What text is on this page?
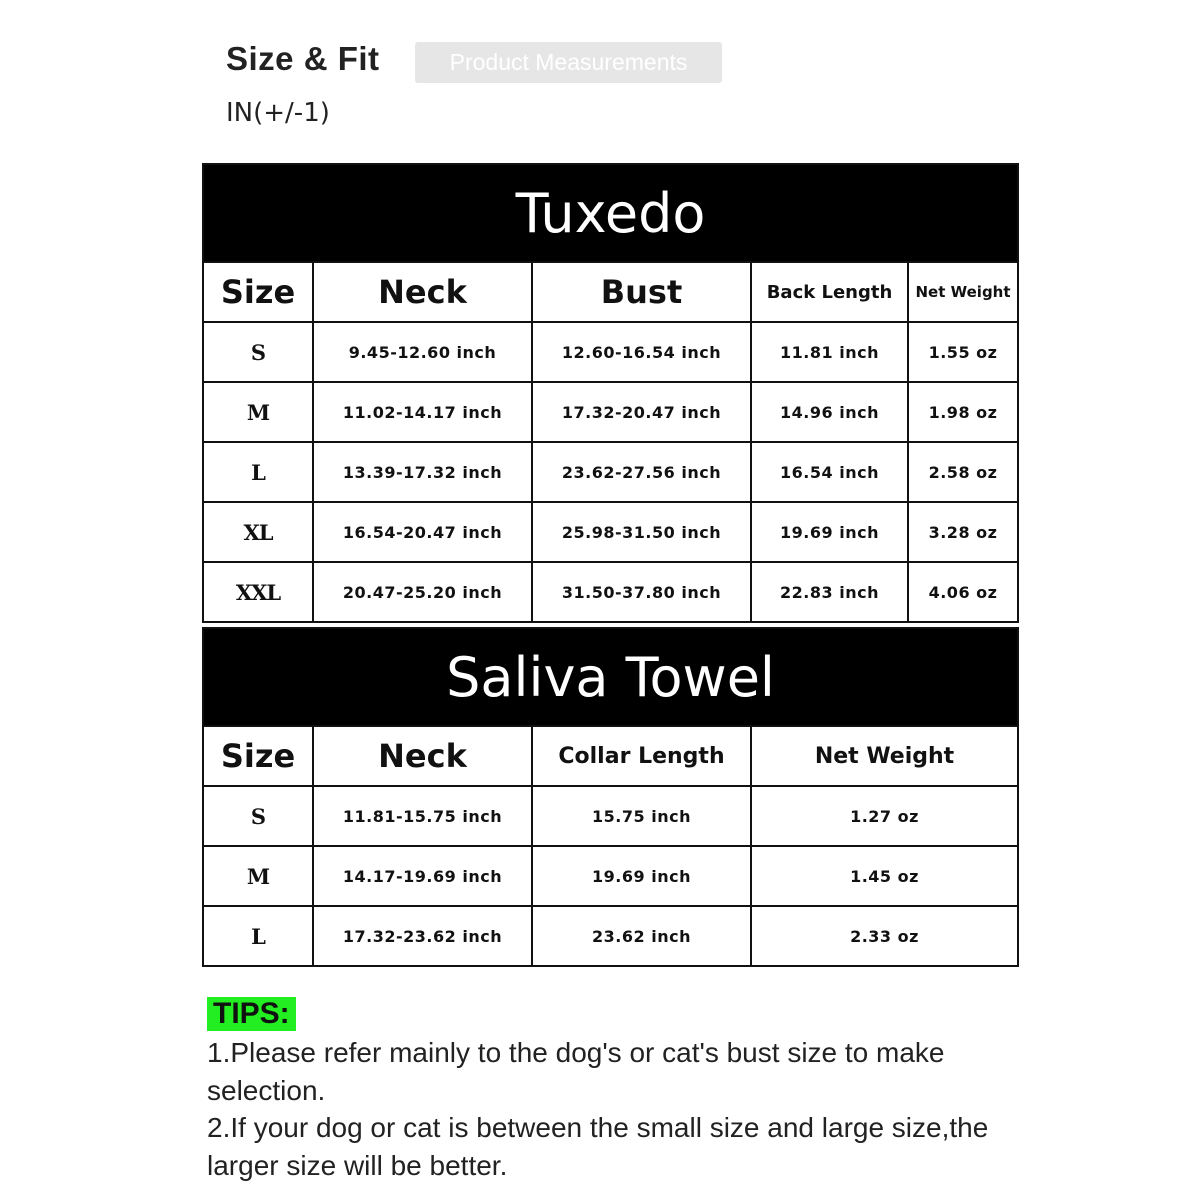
Size & Fit	Product Measurements
IN(+/-1)
Tuxedo				
Size	Neck	Bust	Back Length	Net Weight
S	9.45-12.60 inch	12.60-16.54 inch	11.81 inch	1.55 oz
M	11.02-14.17 inch	17.32-20.47 inch	14.96 inch	1.98 oz
L	13.39-17.32 inch	23.62-27.56 inch	16.54 inch	2.58 oz
XL	16.54-20.47 inch	25.98-31.50 inch	19.69 inch	3.28 oz
XXL	20.47-25.20 inch	31.50-37.80 inch	22.83 inch	4.06 oz
Saliva Towel			
Size	Neck	Collar Length	Net Weight
S	11.81-15.75 inch	15.75 inch	1.27 oz
M	14.17-19.69 inch	19.69 inch	1.45 oz
L	17.32-23.62 inch	23.62 inch	2.33 oz
TIPS:
1.Please refer mainly to the dog's or cat's bust size to make selection.
2.If your dog or cat is between the small size and large size,the larger size will be better.
